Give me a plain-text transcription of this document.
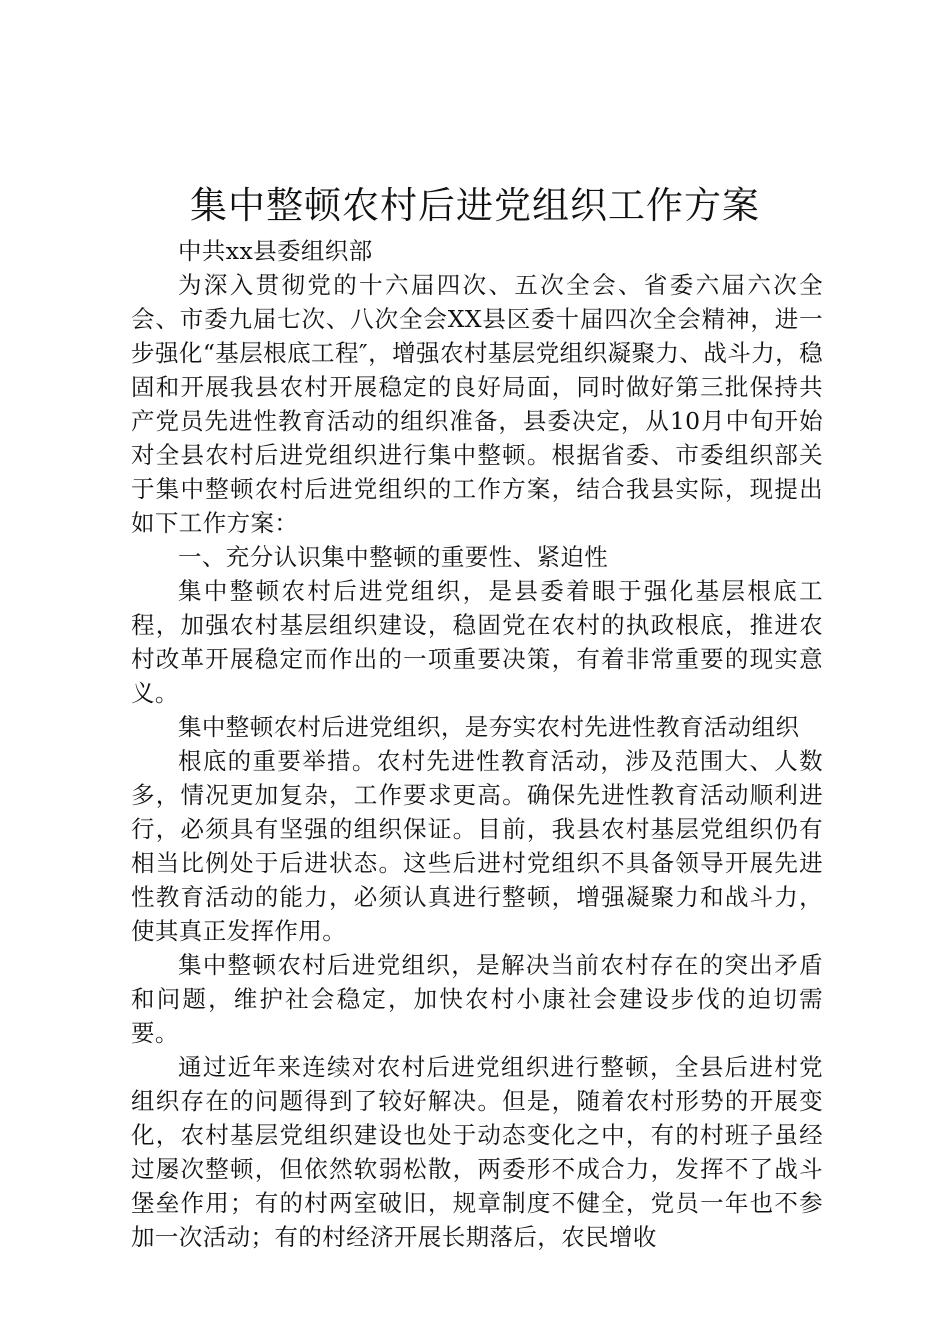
集中整顿农村后进党组织工作方案

中共xx县委组织部

为深入贯彻党的十六届四次、五次全会、省委六届六次全会、市委九届七次、八次全会XX县区委十届四次全会精神，进一步强化“基层根底工程″，增强农村基层党组织凝聚力、战斗力，稳固和开展我县农村开展稳定的良好局面，同时做好第三批保持共产党员先进性教育活动的组织准备，县委决定，从10月中旬开始对全县农村后进党组织进行集中整顿。根据省委、市委组织部关于集中整顿农村后进党组织的工作方案，结合我县实际，现提出如下工作方案：

一、充分认识集中整顿的重要性、紧迫性

集中整顿农村后进党组织，是县委着眼于强化基层根底工程，加强农村基层组织建设，稳固党在农村的执政根底，推进农村改革开展稳定而作出的一项重要决策，有着非常重要的现实意义。

集中整顿农村后进党组织，是夯实农村先进性教育活动组织

根底的重要举措。农村先进性教育活动，涉及范围大、人数多，情况更加复杂，工作要求更高。确保先进性教育活动顺利进行，必须具有坚强的组织保证。目前，我县农村基层党组织仍有相当比例处于后进状态。这些后进村党组织不具备领导开展先进性教育活动的能力，必须认真进行整顿，增强凝聚力和战斗力，使其真正发挥作用。

集中整顿农村后进党组织，是解决当前农村存在的突出矛盾和问题，维护社会稳定，加快农村小康社会建设步伐的迫切需要。

通过近年来连续对农村后进党组织进行整顿，全县后进村党组织存在的问题得到了较好解决。但是，随着农村形势的开展变化，农村基层党组织建设也处于动态变化之中，有的村班子虽经过屡次整顿，但依然软弱松散，两委形不成合力，发挥不了战斗堡垒作用；有的村两室破旧，规章制度不健全，党员一年也不参加一次活动；有的村经济开展长期落后，农民增收
